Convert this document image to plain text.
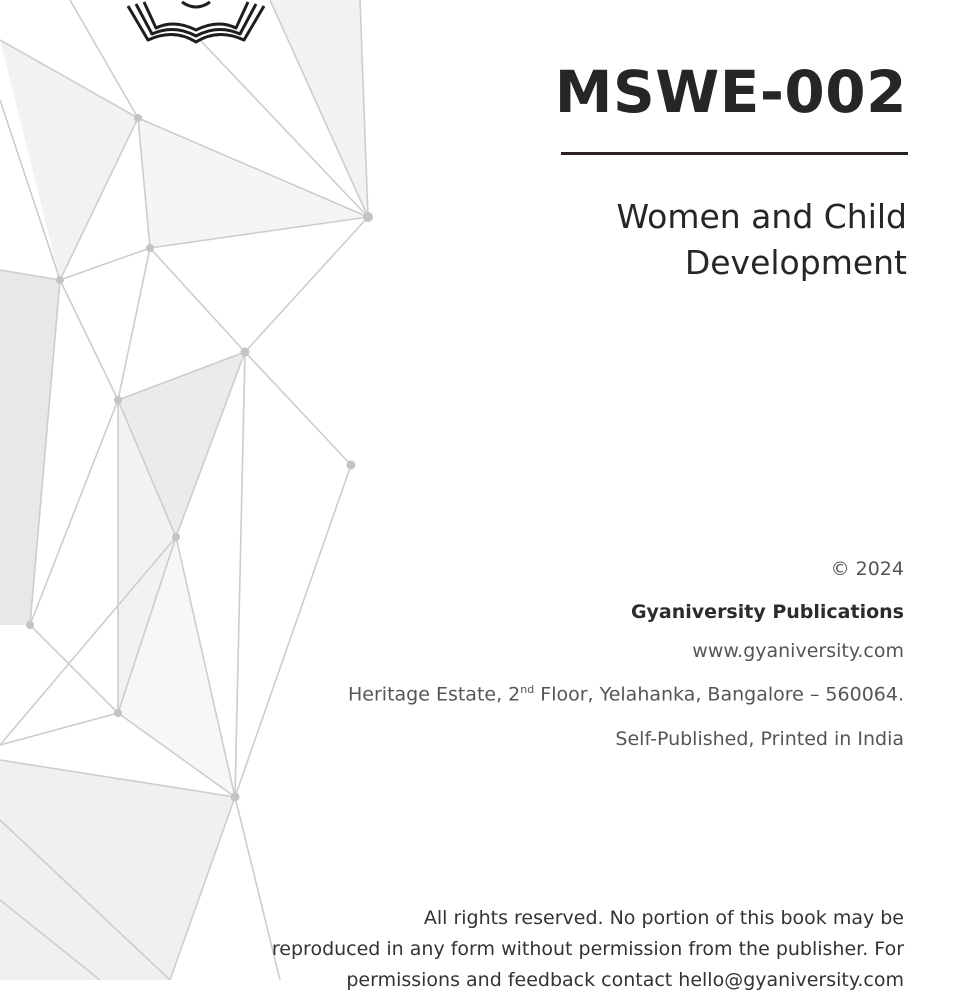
MSWE-002
Women and Child
Development
© 2024
Gyaniversity Publications
www.gyaniversity.com
Heritage Estate, 2nd Floor, Yelahanka, Bangalore – 560064.
Self-Published, Printed in India
All rights reserved. No portion of this book may be
reproduced in any form without permission from the publisher. For
permissions and feedback contact hello@gyaniversity.com
